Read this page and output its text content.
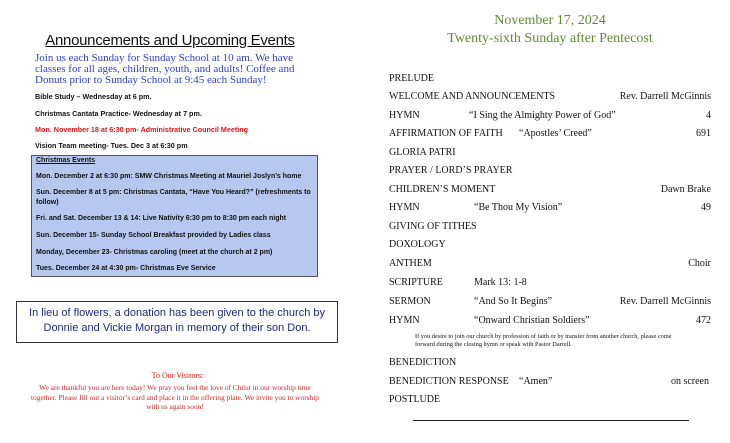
Announcements and Upcoming Events
Join us each Sunday for Sunday School at 10 am. We have classes for all ages, children, youth, and adults! Coffee and Donuts prior to Sunday School at 9:45 each Sunday!
Bible Study – Wednesday at 6 pm.
Christmas Cantata Practice- Wednesday at 7 pm.
Mon. November 18 at 6:30 pm- Administrative Council Meeting
Vision Team meeting- Tues. Dec 3 at 6:30 pm
Christmas Events
Mon. December 2 at 6:30 pm: SMW Christmas Meeting at Mauriel Joslyn’s home
Sun. December 8 at 5 pm: Christmas Cantata, “Have You Heard?” (refreshments to follow)
Fri. and Sat. December 13 & 14: Live Nativity 6:30 pm to 8:30 pm each night
Sun. December 15- Sunday School Breakfast provided by Ladies class
Monday, December 23- Christmas caroling (meet at the church at 2 pm)
Tues. December 24 at 4:30 pm- Christmas Eve Service
In lieu of flowers, a donation has been given to the church by Donnie and Vickie Morgan in memory of their son Don.
To Our Visitors:
We are thankful you are here today! We pray you feel the love of Christ in our worship time together. Please fill out a visitor’s card and place it in the offering plate. We invite you to worship with us again soon!
November 17, 2024
Twenty-sixth Sunday after Pentecost
PRELUDE
WELCOME AND ANNOUNCEMENTS	Rev. Darrell McGinnis
HYMN	“I Sing the Almighty Power of God”	4
AFFIRMATION OF FAITH “Apostles’ Creed”	691
GLORIA PATRI
PRAYER / LORD’S PRAYER
CHILDREN’S MOMENT	Dawn Brake
HYMN	“Be Thou My Vision”	49
GIVING OF TITHES
DOXOLOGY
ANTHEM	Choir
SCRIPTURE	Mark 13: 1-8
SERMON	“And So It Begins”	Rev. Darrell McGinnis
HYMN	“Onward Christian Soldiers”	472
If you desire to join our church by profession of faith or by transfer from another church, please come forward during the closing hymn or speak with Pastor Darrell.
BENEDICTION
BENEDICTION RESPONSE “Amen”	on screen
POSTLUDE
